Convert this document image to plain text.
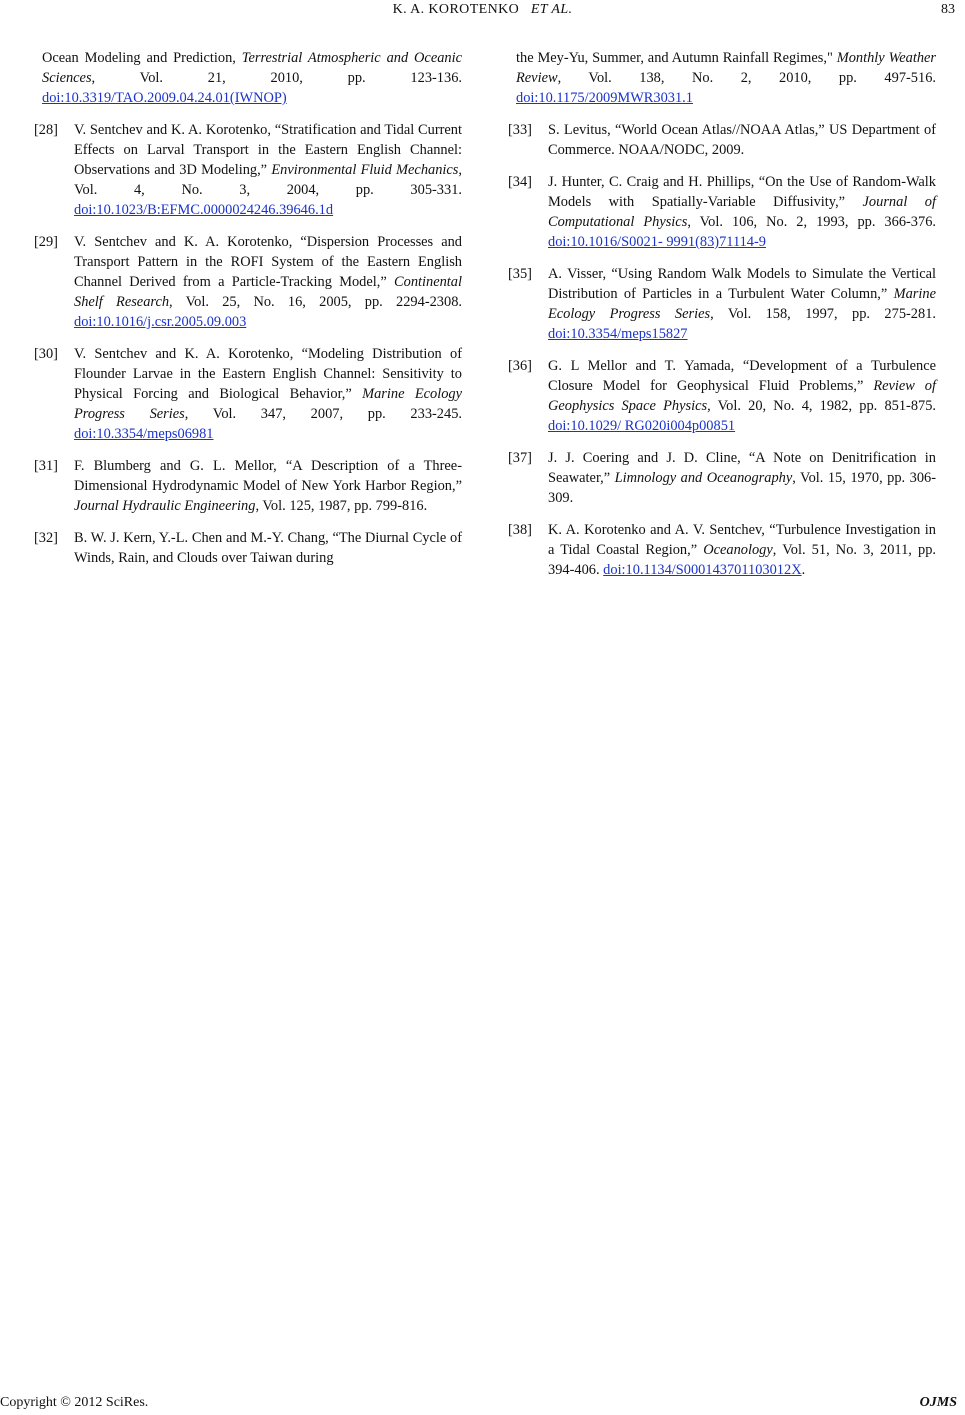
K. A. KOROTENKO ET AL.	83

Ocean Modeling and Prediction, Terrestrial Atmospheric and Oceanic Sciences, Vol. 21, 2010, pp. 123-136. doi:10.3319/TAO.2009.04.24.01(IWNOP)

[28] V. Sentchev and K. A. Korotenko, “Stratification and Tidal Current Effects on Larval Transport in the Eastern English Channel: Observations and 3D Modeling,” Environmental Fluid Mechanics, Vol. 4, No. 3, 2004, pp. 305-331. doi:10.1023/B:EFMC.0000024246.39646.1d

[29] V. Sentchev and K. A. Korotenko, “Dispersion Processes and Transport Pattern in the ROFI System of the Eastern English Channel Derived from a Particle-Tracking Model,” Continental Shelf Research, Vol. 25, No. 16, 2005, pp. 2294-2308. doi:10.1016/j.csr.2005.09.003

[30] V. Sentchev and K. A. Korotenko, “Modeling Distribution of Flounder Larvae in the Eastern English Channel: Sensitivity to Physical Forcing and Biological Behavior,” Marine Ecology Progress Series, Vol. 347, 2007, pp. 233-245. doi:10.3354/meps06981

[31] F. Blumberg and G. L. Mellor, “A Description of a Three-Dimensional Hydrodynamic Model of New York Harbor Region,” Journal Hydraulic Engineering, Vol. 125, 1987, pp. 799-816.

[32] B. W. J. Kern, Y.-L. Chen and M.-Y. Chang, “The Diurnal Cycle of Winds, Rain, and Clouds over Taiwan during

the Mey-Yu, Summer, and Autumn Rainfall Regimes," Monthly Weather Review, Vol. 138, No. 2, 2010, pp. 497-516. doi:10.1175/2009MWR3031.1

[33] S. Levitus, “World Ocean Atlas//NOAA Atlas,” US Department of Commerce. NOAA/NODC, 2009.

[34] J. Hunter, C. Craig and H. Phillips, “On the Use of Random-Walk Models with Spatially-Variable Diffusivity,” Journal of Computational Physics, Vol. 106, No. 2, 1993, pp. 366-376. doi:10.1016/S0021- 9991(83)71114-9

[35] A. Visser, “Using Random Walk Models to Simulate the Vertical Distribution of Particles in a Turbulent Water Column,” Marine Ecology Progress Series, Vol. 158, 1997, pp. 275-281. doi:10.3354/meps15827

[36] G. L Mellor and T. Yamada, “Development of a Turbulence Closure Model for Geophysical Fluid Problems,” Review of Geophysics Space Physics, Vol. 20, No. 4, 1982, pp. 851-875. doi:10.1029/ RG020i004p00851

[37] J. J. Coering and J. D. Cline, “A Note on Denitrification in Seawater,” Limnology and Oceanography, Vol. 15, 1970, pp. 306-309.

[38] K. A. Korotenko and A. V. Sentchev, “Turbulence Investigation in a Tidal Coastal Region,” Oceanology, Vol. 51, No. 3, 2011, pp. 394-406. doi:10.1134/S000143701103012X.

Copyright © 2012 SciRes.	OJMS
